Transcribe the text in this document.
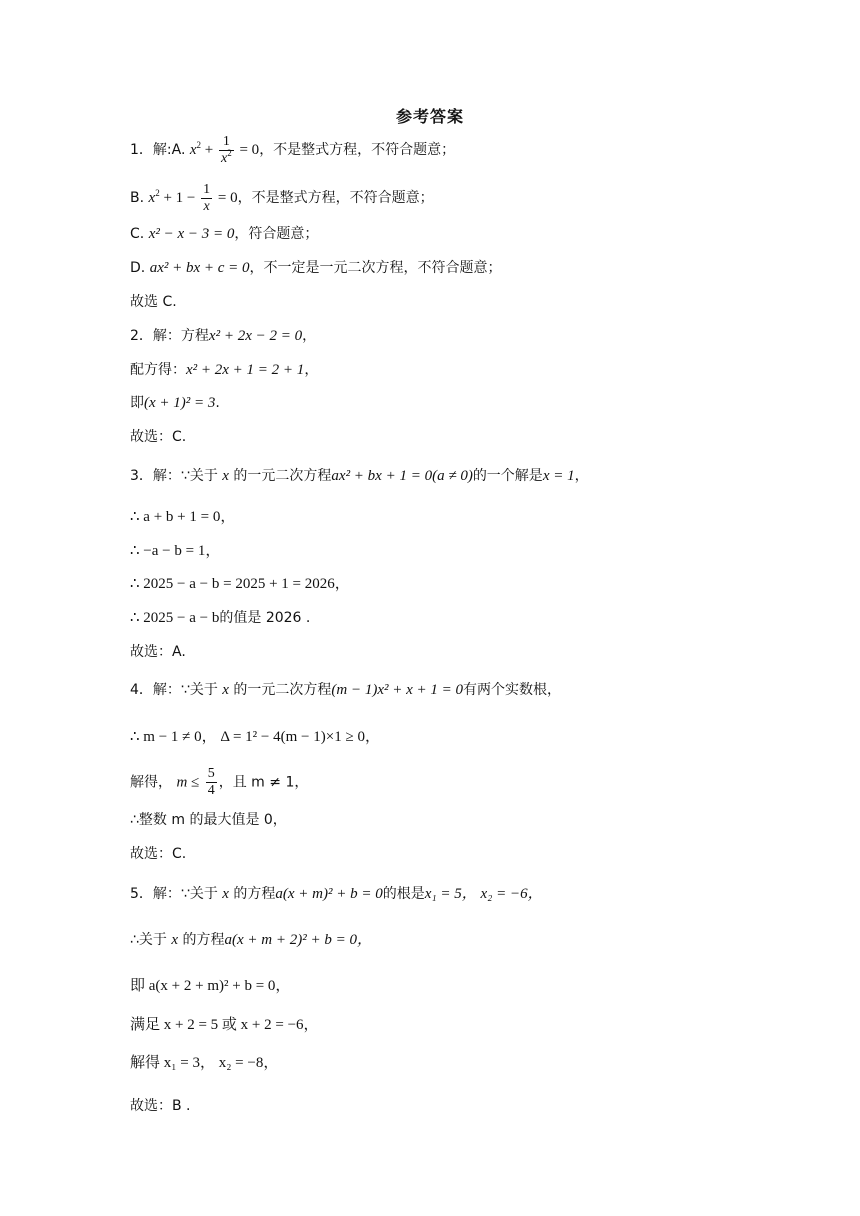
参考答案
1．解:A. $x^2 + \frac{1}{x^2} = 0$，不是整式方程，不符合题意；
B. $x^2 + 1 - \frac{1}{x} = 0$，不是整式方程，不符合题意；
C. x² − x − 3 = 0，符合题意；
D. ax² + bx + c = 0，不一定是一元二次方程，不符合题意；
故选 C.
2．解：方程x² + 2x − 2 = 0，
配方得：x² + 2x + 1 = 2 + 1，
即(x + 1)² = 3.
故选：C.
3．解：∵关于 x 的一元二次方程ax² + bx + 1 = 0(a ≠ 0)的一个解是x = 1，
∴ a + b + 1 = 0，
∴ −a − b = 1，
∴ 2025 − a − b = 2025 + 1 = 2026，
∴ 2025 − a − b的值是 2026 .
故选：A.
4．解：∵关于 x 的一元二次方程(m − 1)x² + x + 1 = 0有两个实数根，
∴ m − 1 ≠ 0， Δ = 1² − 4(m − 1)×1 ≥ 0，
解得， $m \le \frac{5}{4}$ ，且 m ≠ 1，
∴整数 m 的最大值是 0，
故选：C.
5．解：∵关于 x 的方程a(x + m)² + b = 0的根是x₁ = 5， x₂ = −6，
∴关于 x 的方程a(x + m + 2)² + b = 0，
即 a(x + 2 + m)² + b = 0，
满足 x + 2 = 5 或 x + 2 = −6，
解得 x₁ = 3， x₂ = −8，
故选：B .
